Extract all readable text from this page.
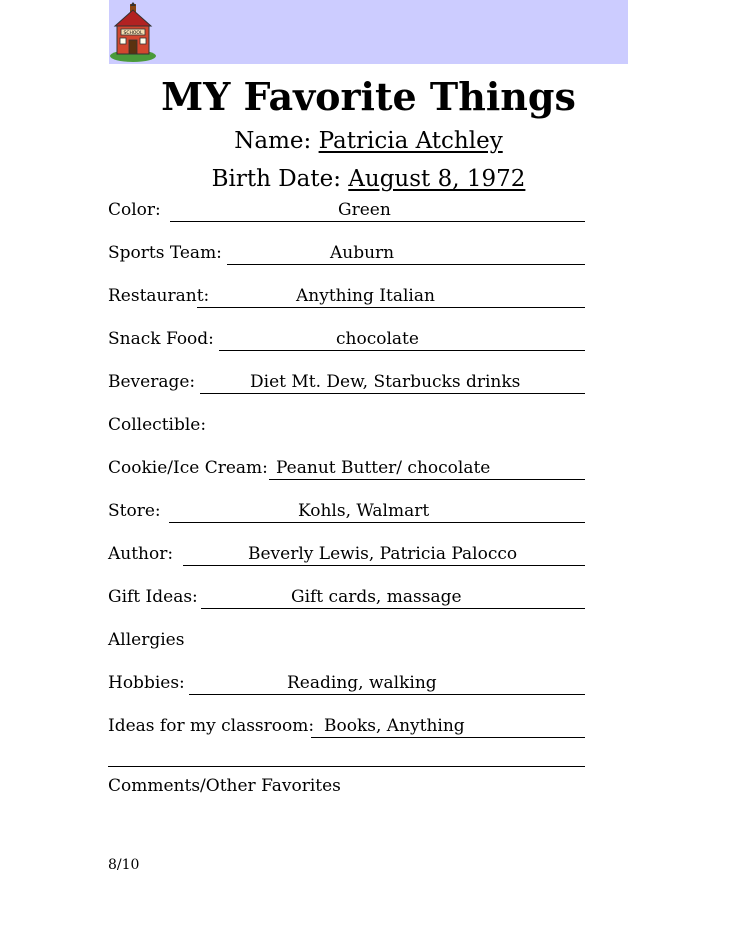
SCHOOL
MY Favorite Things
Name: Patricia Atchley
Birth Date: August 8, 1972
Color:	Green
Sports Team:	Auburn
Restaurant:	Anything Italian
Snack Food:	chocolate
Beverage:	Diet Mt. Dew, Starbucks drinks
Collectible:
Cookie/Ice Cream: Peanut Butter/ chocolate
Store:	Kohls, Walmart
Author:	Beverly Lewis, Patricia Palocco
Gift Ideas:	Gift cards, massage
Allergies
Hobbies:	Reading, walking
Ideas for my classroom: Books, Anything
Comments/Other Favorites
8/10
